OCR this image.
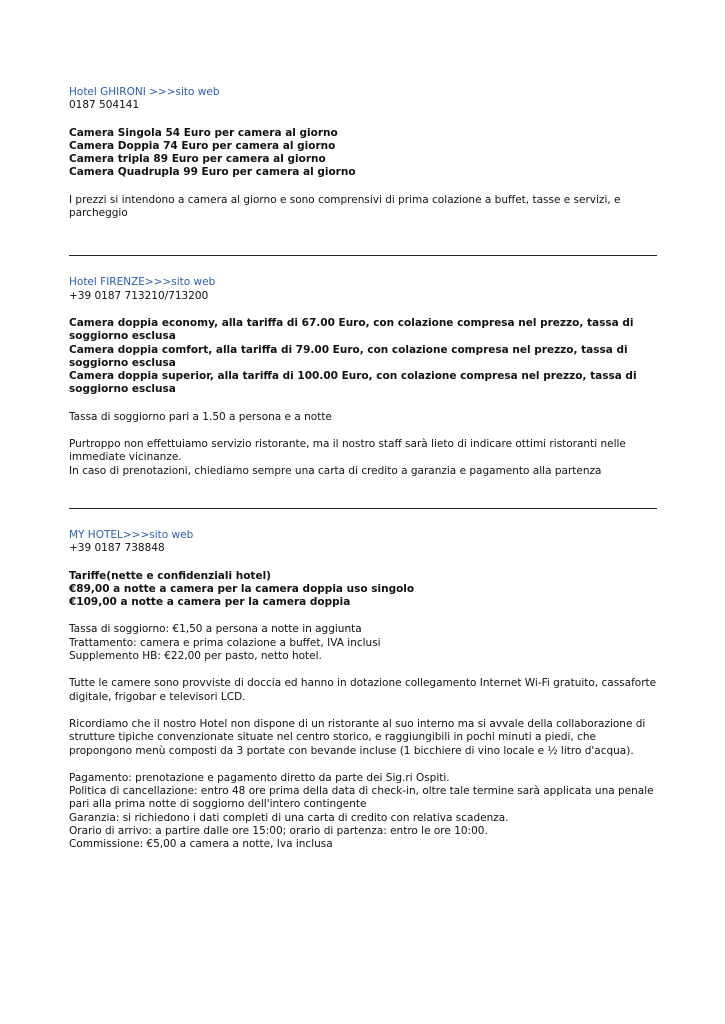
Hotel GHIRONI >>>sito web
0187 504141
Camera Singola 54 Euro per camera al giorno
Camera Doppia 74 Euro per camera al giorno
Camera tripla 89 Euro per camera al giorno
Camera Quadrupla 99 Euro per camera al giorno
I prezzi si intendono a camera al giorno e sono comprensivi di prima colazione a buffet, tasse e servizi, e parcheggio
Hotel FIRENZE>>>sito web
+39 0187 713210/713200
Camera doppia economy, alla tariffa di 67.00 Euro, con colazione compresa nel prezzo, tassa di soggiorno esclusa
Camera doppia comfort, alla tariffa di 79.00 Euro, con colazione compresa nel prezzo, tassa di soggiorno esclusa
Camera doppia superior, alla tariffa di 100.00 Euro, con colazione compresa nel prezzo, tassa di soggiorno esclusa
Tassa di soggiorno pari a 1.50 a persona e a notte
Purtroppo non effettuiamo servizio ristorante, ma il nostro staff sarà lieto di indicare ottimi ristoranti nelle immediate vicinanze.
In caso di prenotazioni, chiediamo sempre una carta di credito a garanzia e pagamento alla partenza
MY HOTEL>>>sito web
+39 0187 738848
Tariffe(nette e confidenziali hotel)
€89,00 a notte a camera per la camera doppia uso singolo
€109,00 a notte a camera per la camera doppia
Tassa di soggiorno: €1,50 a persona a notte in aggiunta
Trattamento: camera e prima colazione a buffet, IVA inclusi
Supplemento HB: €22,00 per pasto, netto hotel.
Tutte le camere sono provviste di doccia ed hanno in dotazione collegamento Internet Wi-Fi gratuito, cassaforte digitale, frigobar e televisori LCD.
Ricordiamo che il nostro Hotel non dispone di un ristorante al suo interno ma si avvale della collaborazione di strutture tipiche convenzionate situate nel centro storico, e raggiungibili in pochi minuti a piedi, che propongono menù composti da 3 portate con bevande incluse (1 bicchiere di vino locale e ½ litro d'acqua).
Pagamento: prenotazione e pagamento diretto da parte dei Sig.ri Ospiti.
Politica di cancellazione: entro 48 ore prima della data di check-in, oltre tale termine sarà applicata una penale pari alla prima notte di soggiorno dell'intero contingente
Garanzia: si richiedono i dati completi di una carta di credito con relativa scadenza.
Orario di arrivo: a partire dalle ore 15:00; orario di partenza: entro le ore 10:00.
Commissione: €5,00 a camera a notte, Iva inclusa
